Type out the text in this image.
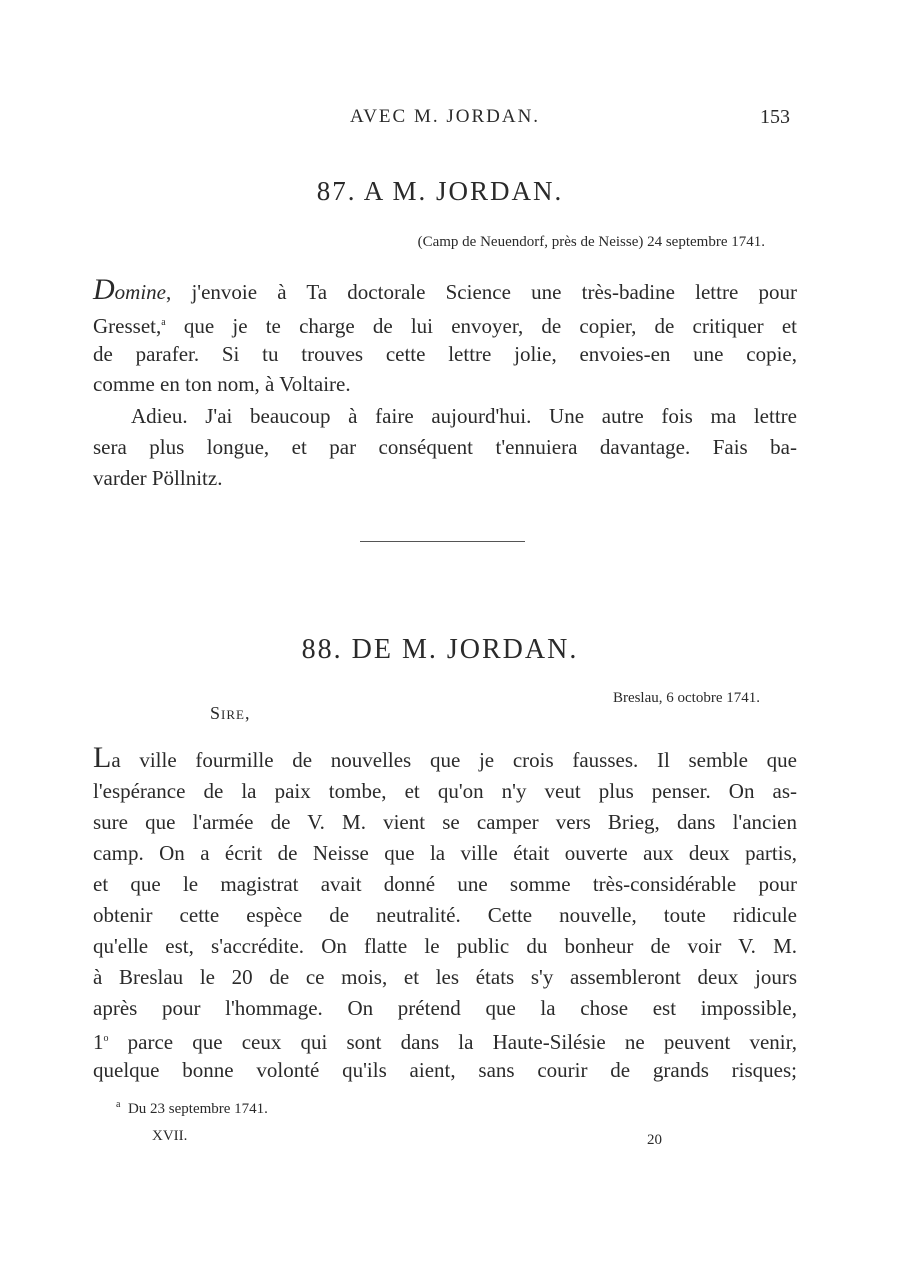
AVEC M. JORDAN.	153
87. A M. JORDAN.
(Camp de Neuendorf, près de Neisse) 24 septembre 1741.
Domine, j'envoie à Ta doctorale Science une très-badine lettre pour
Gresset,$^a$ que je te charge de lui envoyer, de copier, de critiquer et
de parafer. Si tu trouves cette lettre jolie, envoies-en une copie,
comme en ton nom, à Voltaire.
Adieu. J'ai beaucoup à faire aujourd'hui. Une autre fois ma lettre
sera plus longue, et par conséquent t'ennuiera davantage. Fais ba-
varder Pöllnitz.
88. DE M. JORDAN.
Breslau, 6 octobre 1741.
Sire,
La ville fourmille de nouvelles que je crois fausses. Il semble que
l'espérance de la paix tombe, et qu'on n'y veut plus penser. On as-
sure que l'armée de V. M. vient se camper vers Brieg, dans l'ancien
camp. On a écrit de Neisse que la ville était ouverte aux deux partis,
et que le magistrat avait donné une somme très-considérable pour
obtenir cette espèce de neutralité. Cette nouvelle, toute ridicule
qu'elle est, s'accrédite. On flatte le public du bonheur de voir V. M.
à Breslau le 20 de ce mois, et les états s'y assembleront deux jours
après pour l'hommage. On prétend que la chose est impossible,
1$^o$ parce que ceux qui sont dans la Haute-Silésie ne peuvent venir,
quelque bonne volonté qu'ils aient, sans courir de grands risques;
$^a$ Du 23 septembre 1741.
XVII.	20
